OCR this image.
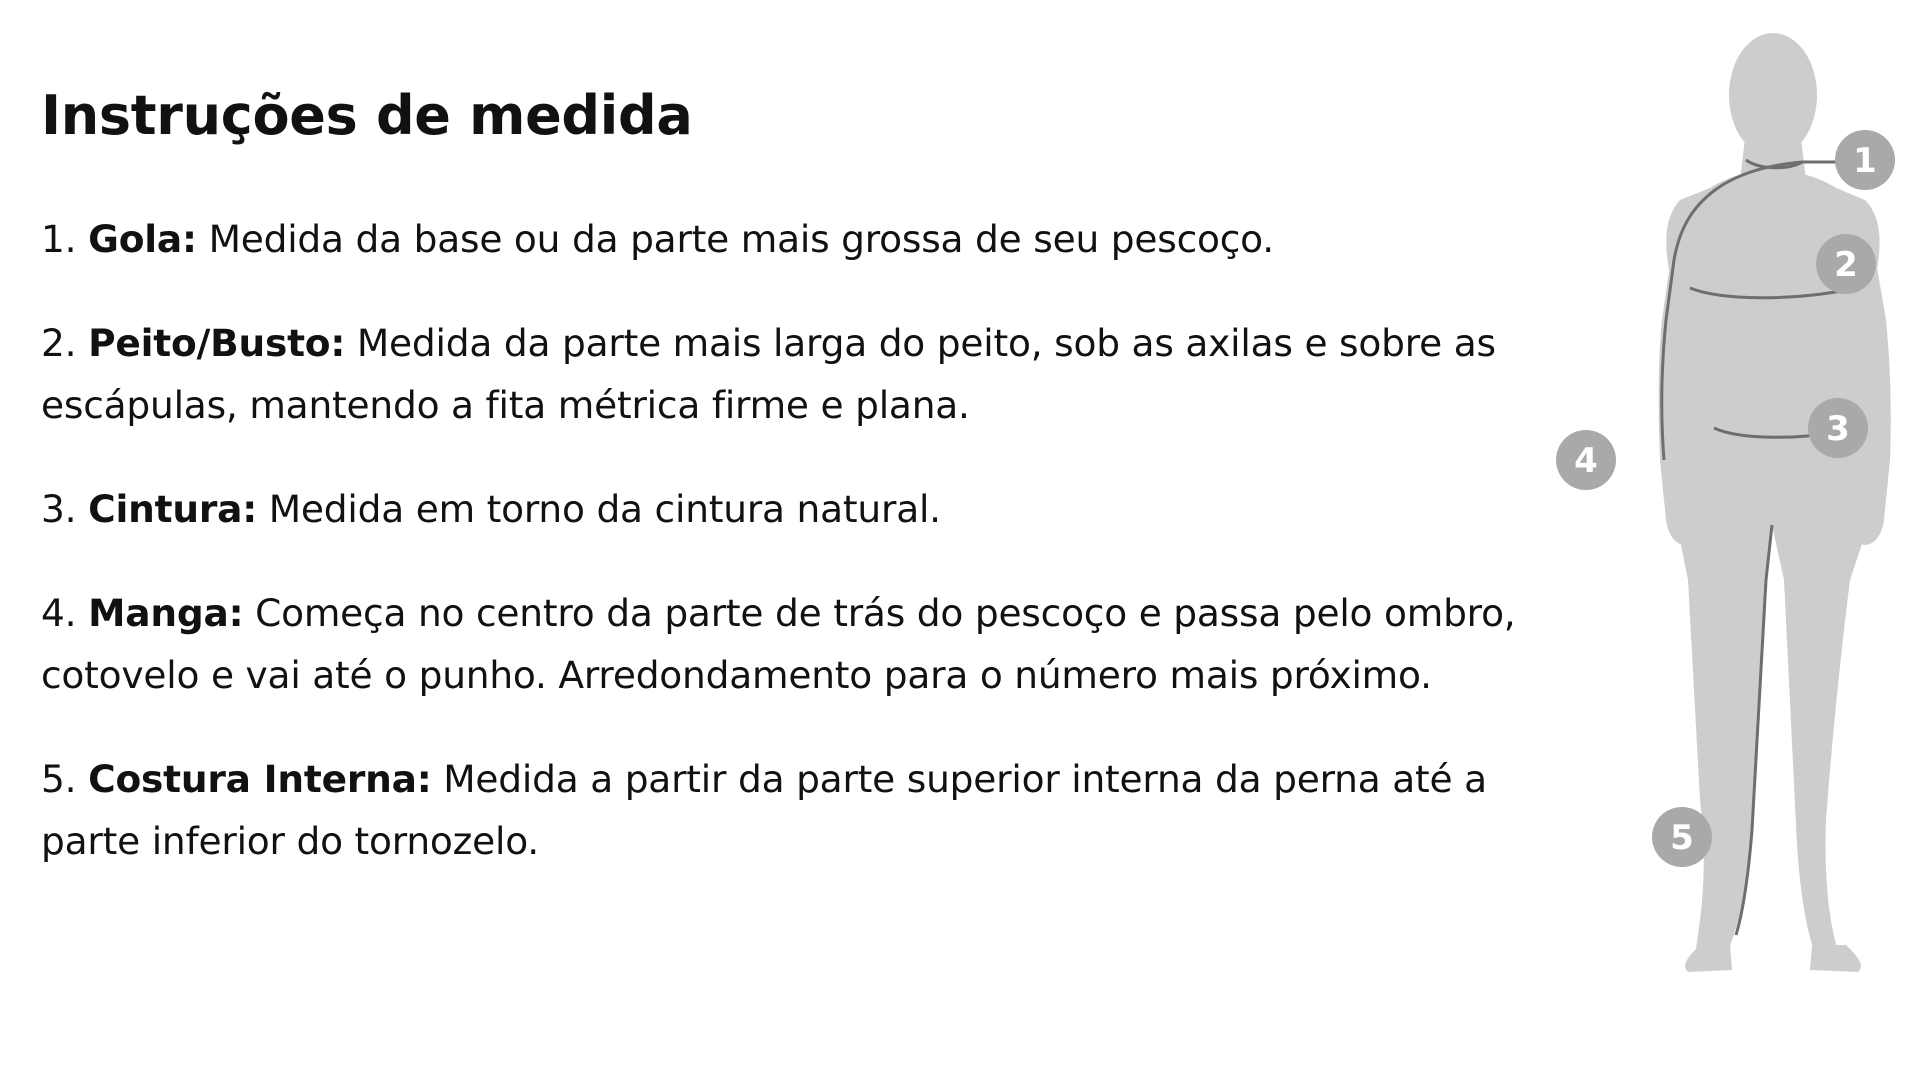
Instruções de medida
1. Gola: Medida da base ou da parte mais grossa de seu pescoço.
2. Peito/Busto: Medida da parte mais larga do peito, sob as axilas e sobre as escápulas, mantendo a fita métrica firme e plana.
3. Cintura: Medida em torno da cintura natural.
4. Manga: Começa no centro da parte de trás do pescoço e passa pelo ombro, cotovelo e vai até o punho. Arredondamento para o número mais próximo.
5. Costura Interna: Medida a partir da parte superior interna da perna até a parte inferior do tornozelo.
1
2
3
4
5
